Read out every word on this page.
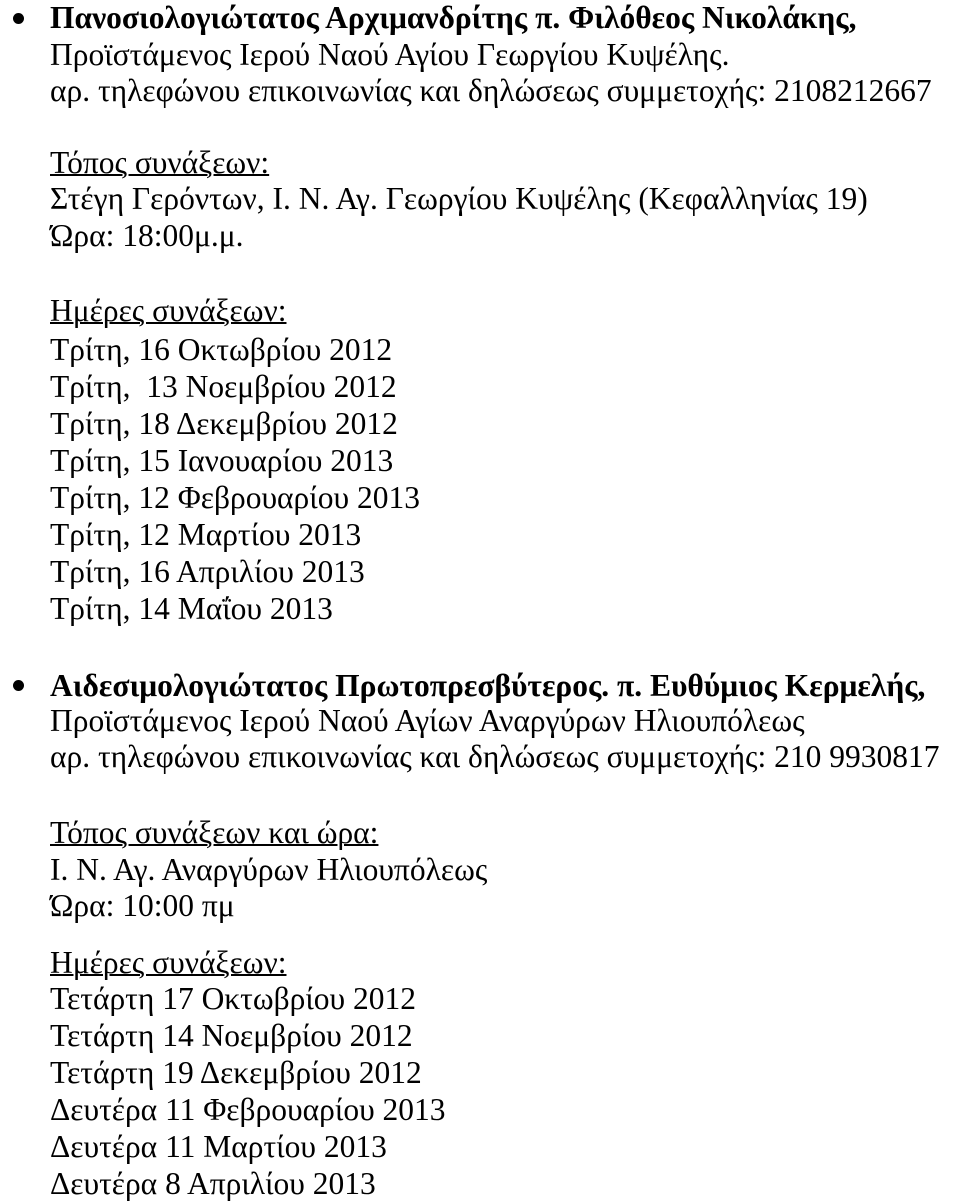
Πανοσιολογιώτατος Αρχιμανδρίτης π. Φιλόθεος Νικολάκης,
Προϊστάμενος Ιερού Ναού Αγίου Γεωργίου Κυψέλης.
αρ. τηλεφώνου επικοινωνίας και δηλώσεως συμμετοχής: 2108212667
Τόπος συνάξεων:
Στέγη Γερόντων, Ι. Ν. Αγ. Γεωργίου Κυψέλης (Κεφαλληνίας 19)
Ώρα: 18:00μ.μ.
Ημέρες συνάξεων:
Τρίτη, 16 Οκτωβρίου 2012
Τρίτη,  13 Νοεμβρίου 2012
Τρίτη, 18 Δεκεμβρίου 2012
Τρίτη, 15 Ιανουαρίου 2013
Τρίτη, 12 Φεβρουαρίου 2013
Τρίτη, 12 Μαρτίου 2013
Τρίτη, 16 Απριλίου 2013
Τρίτη, 14 Μαΐου 2013
Αιδεσιμολογιώτατος Πρωτοπρεσβύτερος. π. Ευθύμιος Κερμελής,
Προϊστάμενος Ιερού Ναού Αγίων Αναργύρων Ηλιουπόλεως
αρ. τηλεφώνου επικοινωνίας και δηλώσεως συμμετοχής: 210 9930817
Τόπος συνάξεων και ώρα:
Ι. Ν. Αγ. Αναργύρων Ηλιουπόλεως
Ώρα: 10:00 πμ
Ημέρες συνάξεων:
Τετάρτη 17 Οκτωβρίου 2012
Τετάρτη 14 Νοεμβρίου 2012
Τετάρτη 19 Δεκεμβρίου 2012
Δευτέρα 11 Φεβρουαρίου 2013
Δευτέρα 11 Μαρτίου 2013
Δευτέρα 8 Απριλίου 2013
